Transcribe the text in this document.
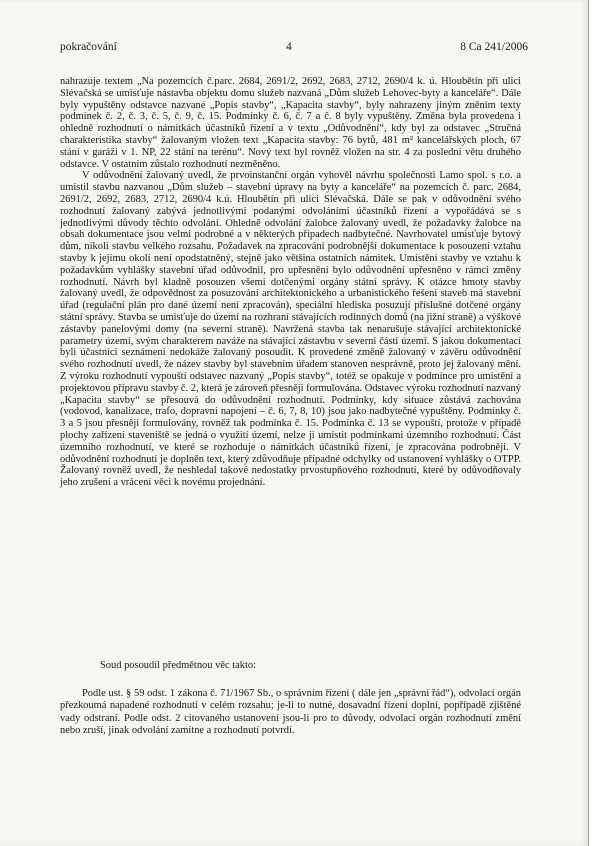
pokračování	4	8 Ca 241/2006

nahrazuje textem „Na pozemcích č.parc. 2684, 2691/2, 2692, 2683, 2712, 2690/4 k. ú. Hloubětín při ulici Slévačská se umisťuje nástavba objektu domu služeb nazvaná „Dům služeb Lehovec-byty a kanceláře“. Dále byly vypuštěny odstavce nazvané „Popis stavby“, „Kapacita stavby“, byly nahrazeny jiným zněním texty podmínek č. 2, č. 3, č. 5, č. 9, č. 15. Podmínky č. 6, č. 7 a č. 8 byly vypuštěny. Změna byla provedena i ohledně rozhodnutí o námitkách účastníků řízení a v textu „Odůvodnění“, kdy byl za odstavec „Stručná charakteristika stavby“ žalovaným vložen text „Kapacita stavby: 76 bytů, 481 m² kancelářských ploch, 67 stání v garáži v 1. NP, 22 stání na terénu“. Nový text byl rovněž vložen na str. 4 za poslední větu druhého odstavce. V ostatním zůstalo rozhodnutí nezměněno.

V odůvodnění žalovaný uvedl, že prvoinstanční orgán vyhověl návrhu společnosti Lamo spol. s r.o. a umístil stavbu nazvanou „Dům služeb – stavební úpravy na byty a kanceláře“ na pozemcích č. parc. 2684, 2691/2, 2692, 2683, 2712, 2690/4 k.ú. Hloubětín při ulici Slévačská. Dále se pak v odůvodnění svého rozhodnutí žalovaný zabývá jednotlivými podanými odvoláními účastníků řízení a vypořádává se s jednotlivými důvody těchto odvolání. Ohledně odvolání žalobce žalovaný uvedl, že požadavky žalobce na obsah dokumentace jsou velmi podrobné a v některých případech nadbytečné. Navrhovatel umisťuje bytový dům, nikoli stavbu velkého rozsahu. Požadavek na zpracování podrobnější dokumentace k posouzení vztahu stavby k jejímu okolí není opodstatněný, stejně jako většina ostatních námitek. Umístění stavby ve vztahu k požadavkům vyhlášky stavební úřad odůvodnil, pro upřesnění bylo odůvodnění upřesněno v rámci změny rozhodnutí. Návrh byl kladně posouzen všemi dotčenými orgány státní správy. K otázce hmoty stavby žalovaný uvedl, že odpovědnost za posuzování architektonického a urbanistického řešení staveb má stavební úřad (regulační plán pro dané území není zpracován), speciální hlediska posuzují příslušné dotčené orgány státní správy. Stavba se umisťuje do území na rozhraní stávajících rodinných domů (na jižní straně) a výškové zástavby panelovými domy (na severní straně). Navržená stavba tak nenarušuje stávající architektonické parametry území, svým charakterem naváže na stávající zástavbu v severní části území. S jakou dokumentací byli účastníci seznámeni nedokáže žalovaný posoudit. K provedené změně žalovaný v závěru odůvodnění svého rozhodnutí uvedl, že název stavby byl stavebním úřadem stanoven nesprávně, proto jej žalovaný mění. Z výroku rozhodnutí vypouští odstavec nazvaný „Popis stavby“, totéž se opakuje v podmínce pro umístění a projektovou přípravu stavby č. 2, která je zároveň přesněji formulována. Odstavec výroku rozhodnutí nazvaný „Kapacita stavby“ se přesouvá do odůvodnění rozhodnutí. Podmínky, kdy situace zůstává zachována (vodovod, kanalizace, trafo, dopravní napojení – č. 6, 7, 8, 10) jsou jako nadbytečné vypuštěny. Podmínky č. 3 a 5 jsou přesněji formulovány, rovněž tak podmínka č. 15. Podmínka č. 13 se vypouští, protože v případě plochy zařízení staveniště se jedná o využití území, nelze ji umístit podmínkami územního rozhodnutí. Část územního rozhodnutí, ve které se rozhoduje o námitkách účastníků řízení, je zpracována podrobněji. V odůvodnění rozhodnutí je doplněn text, který zdůvodňuje případné odchylky od ustanovení vyhlášky o OTPP. Žalovaný rovněž uvedl, že neshledal takové nedostatky prvostupňového rozhodnutí, které by odůvodňovaly jeho zrušení a vrácení věci k novému projednání.

Soud posoudil předmětnou věc takto:

Podle ust. § 59 odst. 1 zákona č. 71/1967 Sb., o správním řízení ( dále jen „správní řád“), odvolací orgán přezkoumá napadené rozhodnutí v celém rozsahu; je-li to nutné, dosavadní řízení doplní, popřípadě zjištěné vady odstraní. Podle odst. 2 citovaného ustanovení jsou-li pro to důvody, odvolací orgán rozhodnutí změní nebo zruší, jinak odvolání zamítne a rozhodnutí potvrdí.
